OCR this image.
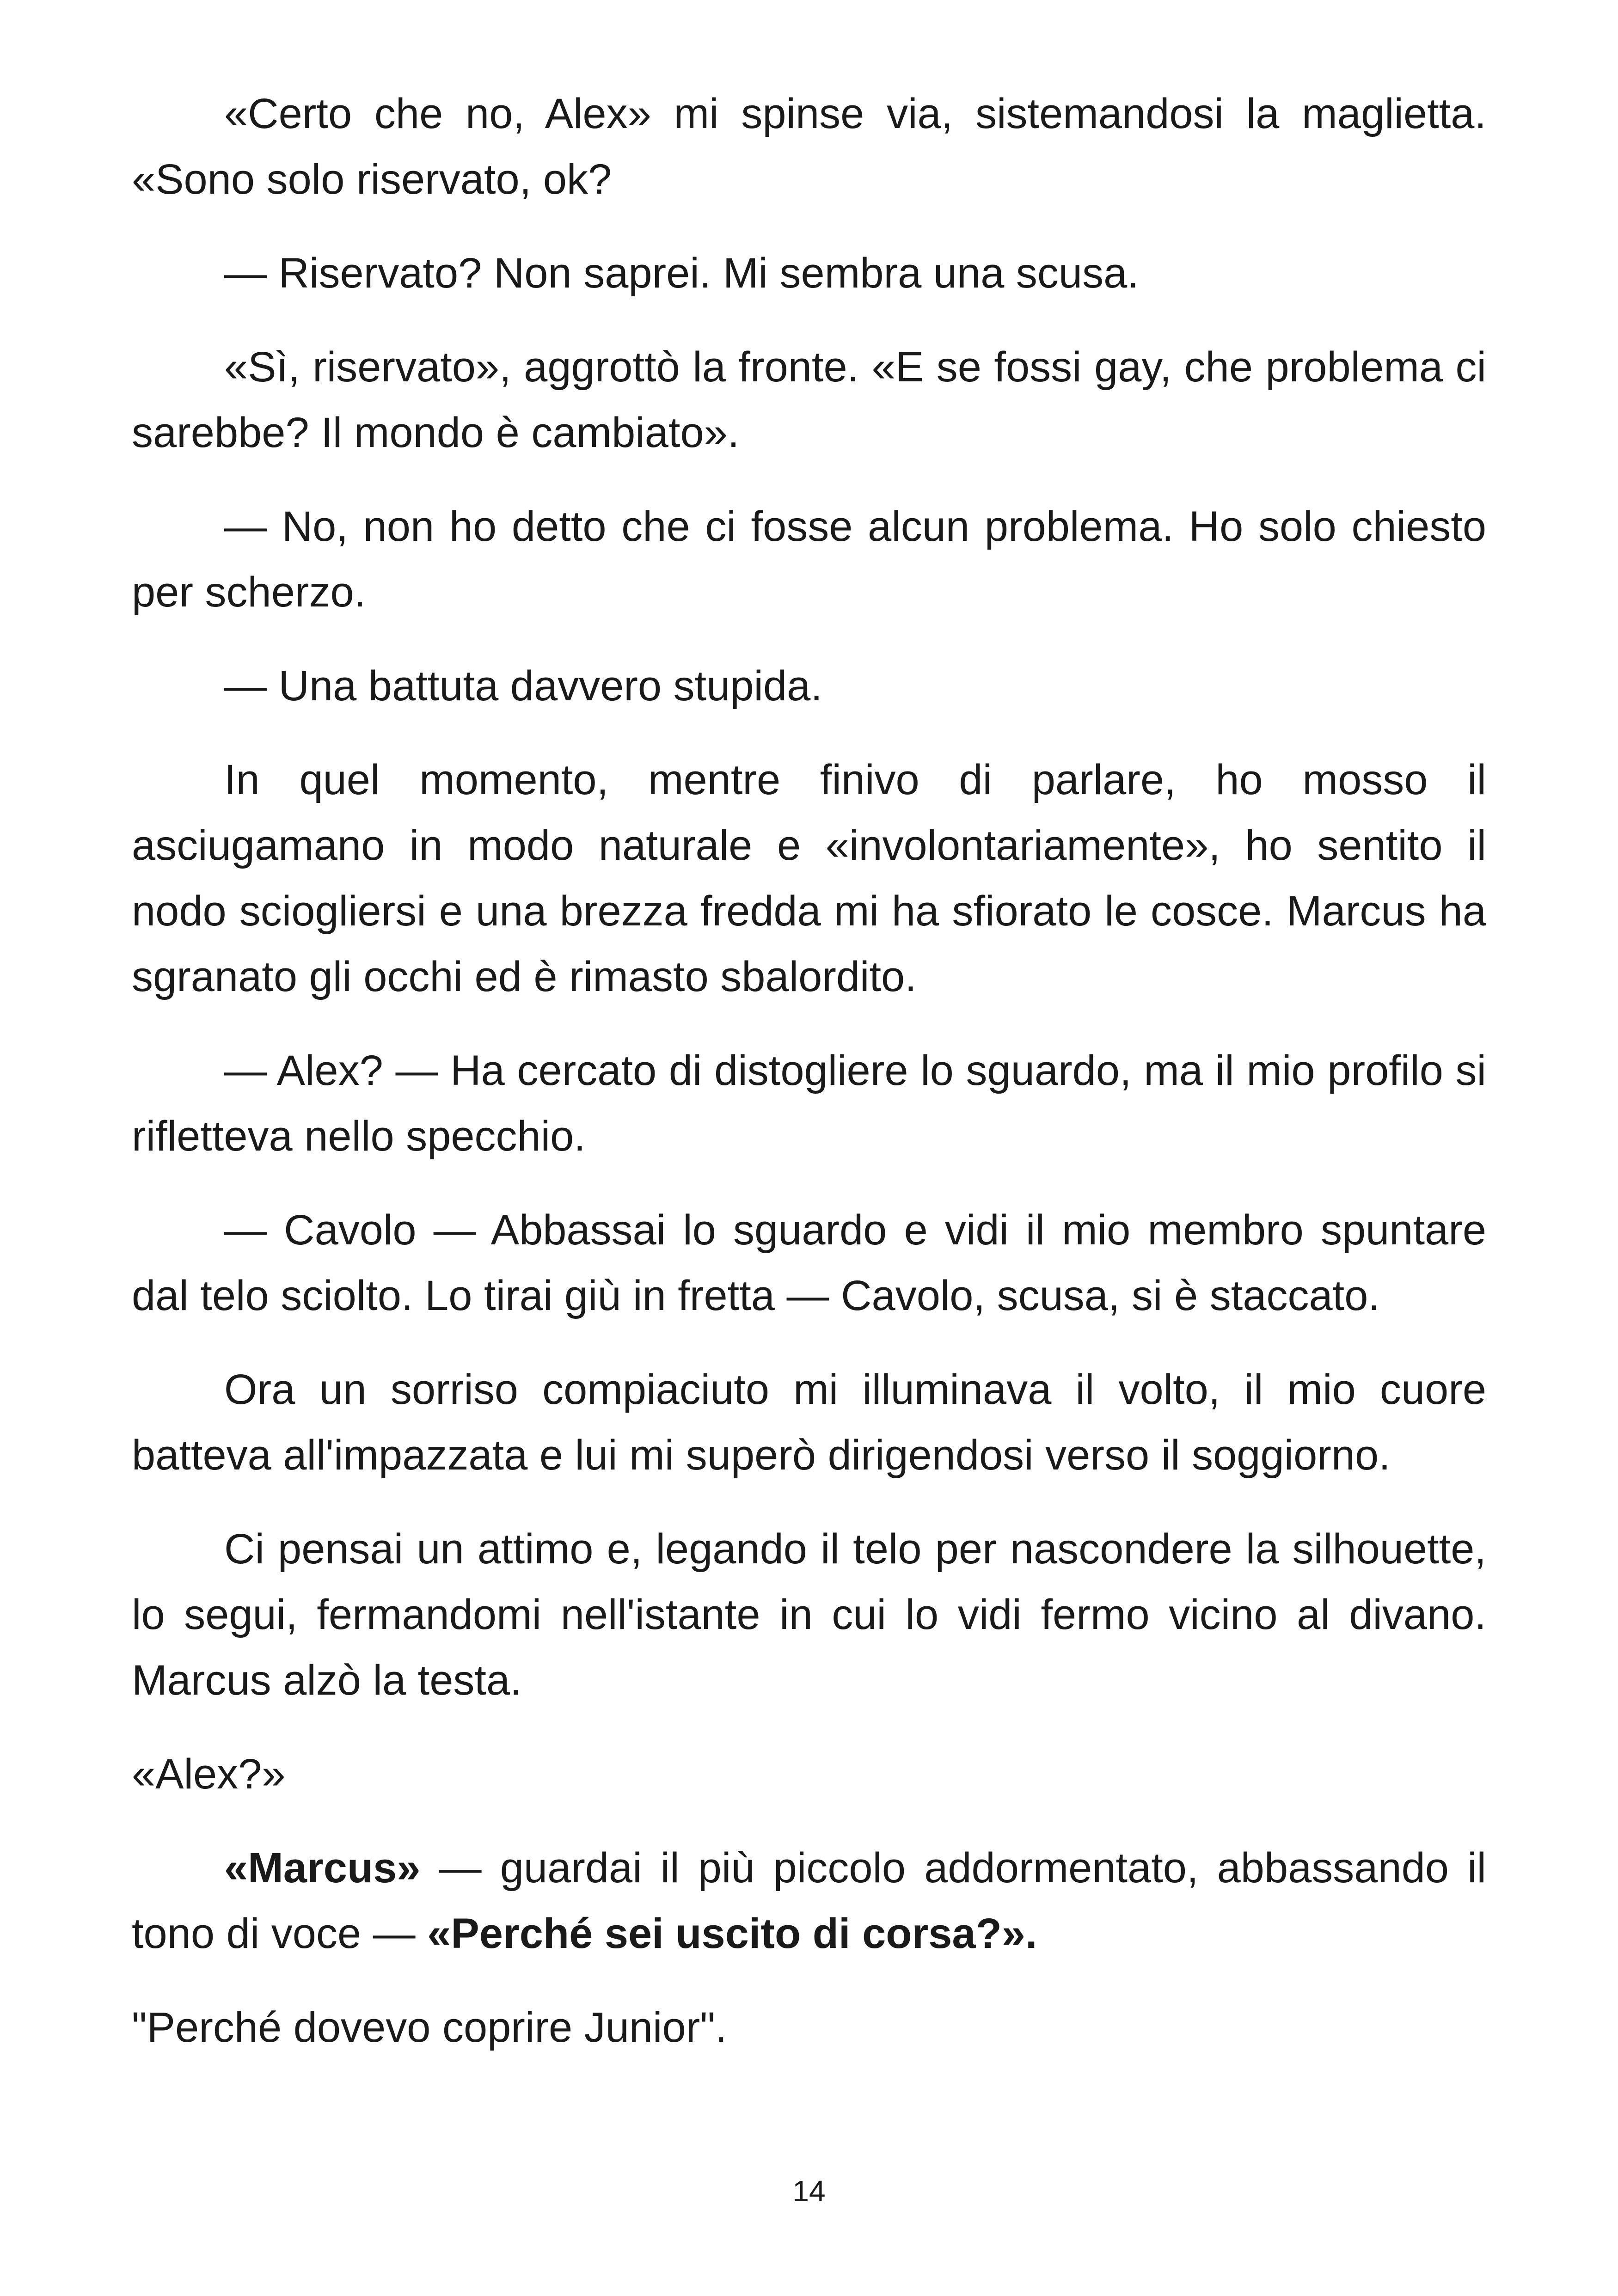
«Certo che no, Alex» mi spinse via, sistemandosi la maglietta. «Sono solo riservato, ok?

— Riservato? Non saprei. Mi sembra una scusa.

«Sì, riservato», aggrottò la fronte. «E se fossi gay, che problema ci sarebbe? Il mondo è cambiato».

— No, non ho detto che ci fosse alcun problema. Ho solo chiesto per scherzo.

— Una battuta davvero stupida.

In quel momento, mentre finivo di parlare, ho mosso il asciugamano in modo naturale e «involontariamente», ho sentito il nodo sciogliersi e una brezza fredda mi ha sfiorato le cosce. Marcus ha sgranato gli occhi ed è rimasto sbalordito.

— Alex? — Ha cercato di distogliere lo sguardo, ma il mio profilo si rifletteva nello specchio.

— Cavolo — Abbassai lo sguardo e vidi il mio membro spuntare dal telo sciolto. Lo tirai giù in fretta — Cavolo, scusa, si è staccato.

Ora un sorriso compiaciuto mi illuminava il volto, il mio cuore batteva all'impazzata e lui mi superò dirigendosi verso il soggiorno.

Ci pensai un attimo e, legando il telo per nascondere la silhouette, lo segui, fermandomi nell'istante in cui lo vidi fermo vicino al divano. Marcus alzò la testa.

«Alex?»

«Marcus» — guardai il più piccolo addormentato, abbassando il tono di voce — «Perché sei uscito di corsa?».

"Perché dovevo coprire Junior".

14
